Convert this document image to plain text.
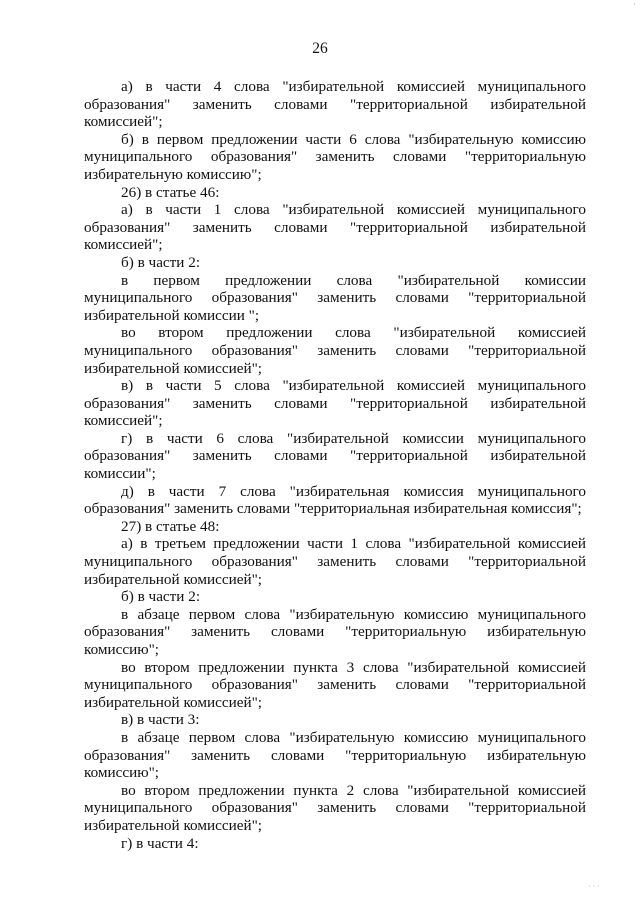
·
26

а) в части 4 слова "избирательной комиссией муниципального образования" заменить словами "территориальной избирательной комиссией";

б) в первом предложении части 6 слова "избирательную комиссию муниципального образования" заменить словами "территориальную избирательную комиссию";

26) в статье 46:

а) в части 1 слова "избирательной комиссией муниципального образования" заменить словами "территориальной избирательной комиссией";

б) в части 2:

в первом предложении слова "избирательной комиссии муниципального образования" заменить словами "территориальной избирательной комиссии ";

во втором предложении слова "избирательной комиссией муниципального образования" заменить словами "территориальной избирательной комиссией";

в) в части 5 слова "избирательной комиссией муниципального образования" заменить словами "территориальной избирательной комиссией";

г) в части 6 слова "избирательной комиссии муниципального образования" заменить словами "территориальной избирательной комиссии";

д) в части 7 слова "избирательная комиссия муниципального образования" заменить словами "территориальная избирательная комиссия";

27) в статье 48:

а) в третьем предложении части 1 слова "избирательной комиссией муниципального образования" заменить словами "территориальной избирательной комиссией";

б) в части 2:

в абзаце первом слова "избирательную комиссию муниципального образования" заменить словами "территориальную избирательную комиссию";

во втором предложении пункта 3 слова "избирательной комиссией муниципального образования" заменить словами "территориальной избирательной комиссией";

в) в части 3:

в абзаце первом слова "избирательную комиссию муниципального образования" заменить словами "территориальную избирательную комиссию";

во втором предложении пункта 2 слова "избирательной комиссией муниципального образования" заменить словами "территориальной избирательной комиссией";

г) в части 4:

· · ·
